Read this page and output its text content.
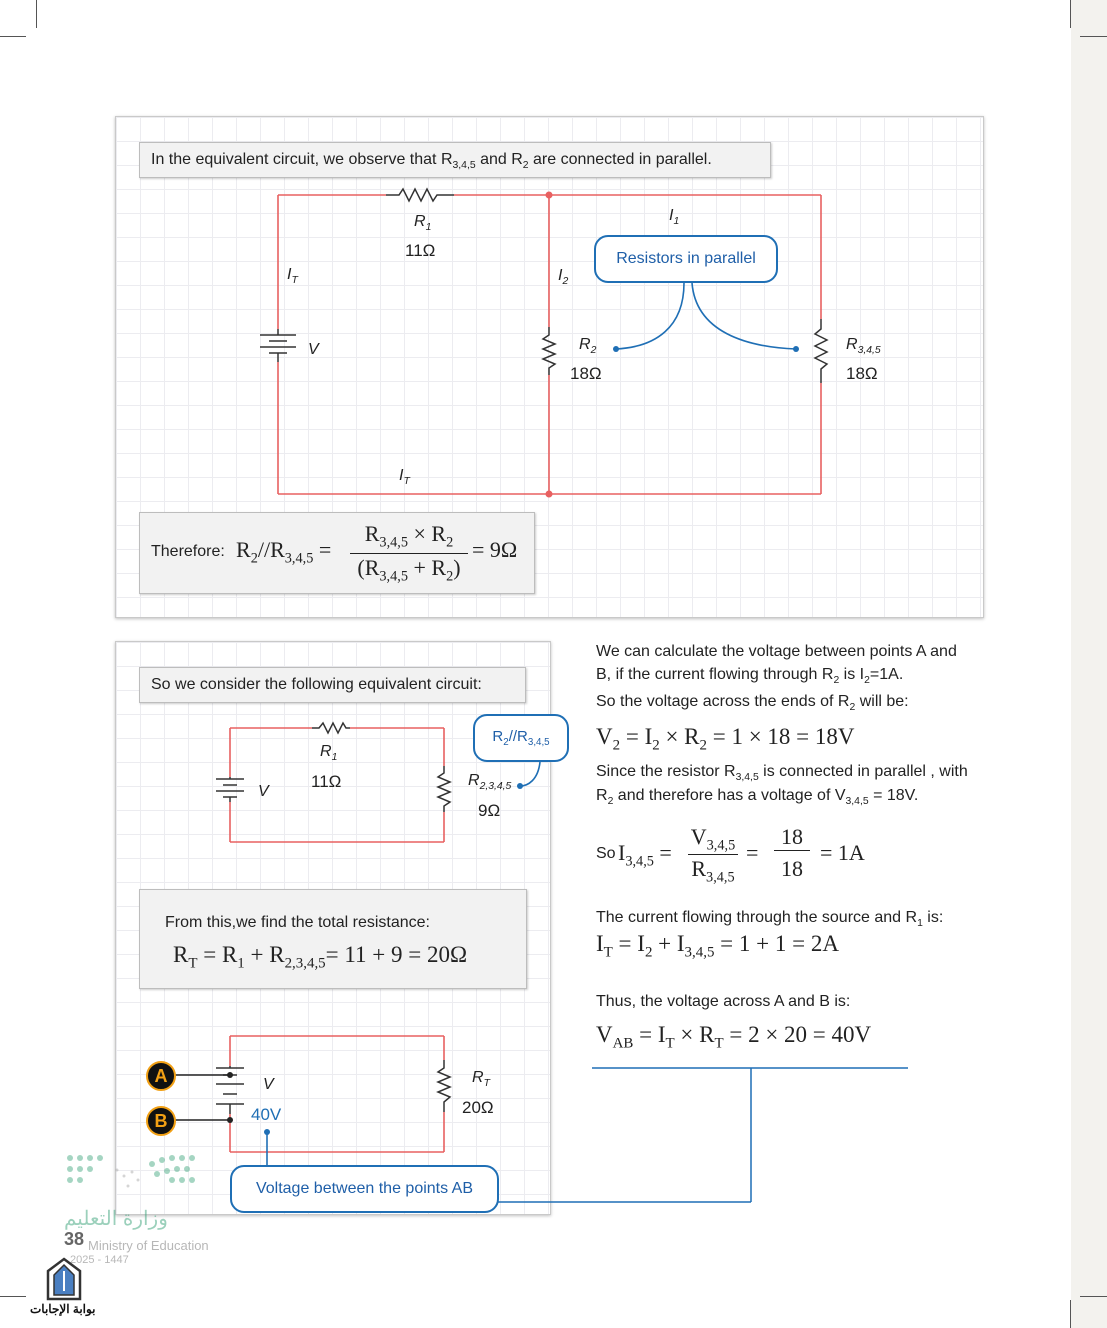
In the equivalent circuit, we observe that $R_{3,4,5}$ and $R_2$ are connected in parallel.
$R_1$
11Ω
$I_T$
V
$I_1$
$I_2$
$R_2$
18Ω
$R_{3,4,5}$
18Ω
$I_T$
Resistors in parallel
Therefore: $R_2//R_{3,4,5}$ =
$R_{3,4,5} \times R_2$
$(R_{3,4,5} + R_2)$
= 9Ω
So we consider the following equivalent circuit:
$R_1$
11Ω
V
$R_{2,3,4,5}$
9Ω
$R_2//R_{3,4,5}$
From this,we find the total resistance:
$R_T = R_1 + R_{2,3,4,5}= 11 + 9 = 20\Omega$
A
B
V
40V
$R_T$
20Ω
Voltage between the points AB
We can calculate the voltage between points A and
B, if the current flowing through $R_2$ is $I_2=1A$.
So the voltage across the ends of $R_2$ will be:
$V_2 = I_2 \times R_2 = 1 \times 18 = 18V$
Since the resistor $R_{3,4,5}$ is connected in parallel , with
$R_2$ and therefore has a voltage of $V_{3,4,5} = 18V$.
So $I_{3,4,5}$ =
$V_{3,4,5}$
$R_{3,4,5}$
=
18
18
= 1A
The current flowing through the source and $R_1$ is:
$I_T = I_2 + I_{3,4,5} = 1 + 1 = 2A$
Thus, the voltage across A and B is:
$V_{AB} = I_T \times R_T = 2 \times 20 = 40V$
وزارة التعليم
38 Ministry of Education
2025 - 1447
بوابة الإجابات
